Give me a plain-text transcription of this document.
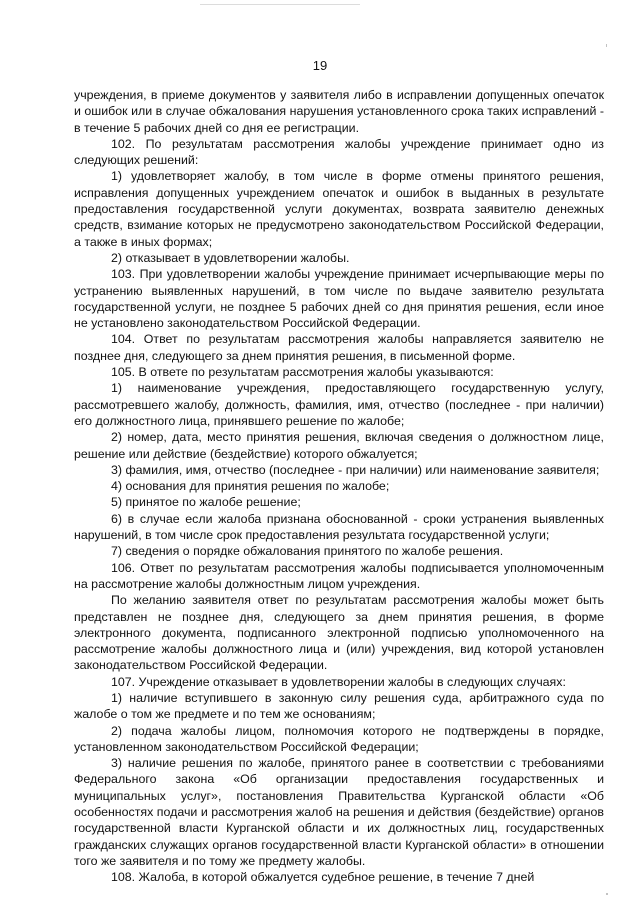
19

учреждения, в приеме документов у заявителя либо в исправлении допущенных опечаток и ошибок или в случае обжалования нарушения установленного срока таких исправлений - в течение 5 рабочих дней со дня ее регистрации.

102. По результатам рассмотрения жалобы учреждение принимает одно из следующих решений:

1) удовлетворяет жалобу, в том числе в форме отмены принятого решения, исправления допущенных учреждением опечаток и ошибок в выданных в результате предоставления государственной услуги документах, возврата заявителю денежных средств, взимание которых не предусмотрено законодательством Российской Федерации, а также в иных формах;

2) отказывает в удовлетворении жалобы.

103. При удовлетворении жалобы учреждение принимает исчерпывающие меры по устранению выявленных нарушений, в том числе по выдаче заявителю результата государственной услуги, не позднее 5 рабочих дней со дня принятия решения, если иное не установлено законодательством Российской Федерации.

104. Ответ по результатам рассмотрения жалобы направляется заявителю не позднее дня, следующего за днем принятия решения, в письменной форме.

105. В ответе по результатам рассмотрения жалобы указываются:

1) наименование учреждения, предоставляющего государственную услугу, рассмотревшего жалобу, должность, фамилия, имя, отчество (последнее - при наличии) его должностного лица, принявшего решение по жалобе;

2) номер, дата, место принятия решения, включая сведения о должностном лице, решение или действие (бездействие) которого обжалуется;

3) фамилия, имя, отчество (последнее - при наличии) или наименование заявителя;

4) основания для принятия решения по жалобе;

5) принятое по жалобе решение;

6) в случае если жалоба признана обоснованной - сроки устранения выявленных нарушений, в том числе срок предоставления результата государственной услуги;

7) сведения о порядке обжалования принятого по жалобе решения.

106. Ответ по результатам рассмотрения жалобы подписывается уполномоченным на рассмотрение жалобы должностным лицом учреждения.

По желанию заявителя ответ по результатам рассмотрения жалобы может быть представлен не позднее дня, следующего за днем принятия решения, в форме электронного документа, подписанного электронной подписью уполномоченного на рассмотрение жалобы должностного лица и (или) учреждения, вид которой установлен законодательством Российской Федерации.

107. Учреждение отказывает в удовлетворении жалобы в следующих случаях:

1) наличие вступившего в законную силу решения суда, арбитражного суда по жалобе о том же предмете и по тем же основаниям;

2) подача жалобы лицом, полномочия которого не подтверждены в порядке, установленном законодательством Российской Федерации;

3) наличие решения по жалобе, принятого ранее в соответствии с требованиями Федерального закона «Об организации предоставления государственных и муниципальных услуг», постановления Правительства Курганской области «Об особенностях подачи и рассмотрения жалоб на решения и действия (бездействие) органов государственной власти Курганской области и их должностных лиц, государственных гражданских служащих органов государственной власти Курганской области» в отношении того же заявителя и по тому же предмету жалобы.

108. Жалоба, в которой обжалуется судебное решение, в течение 7 дней
